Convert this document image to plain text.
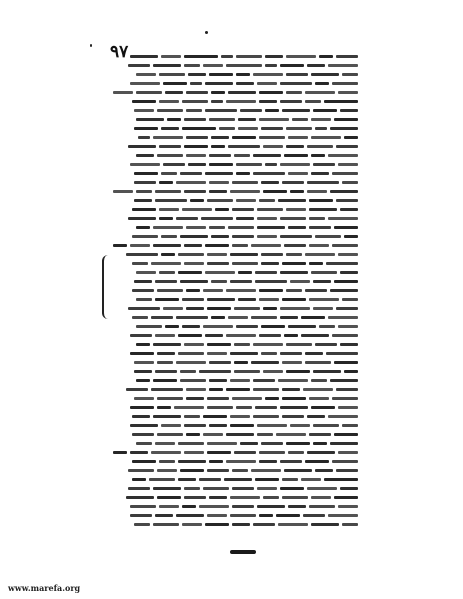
٩٧
www.marefa.org
